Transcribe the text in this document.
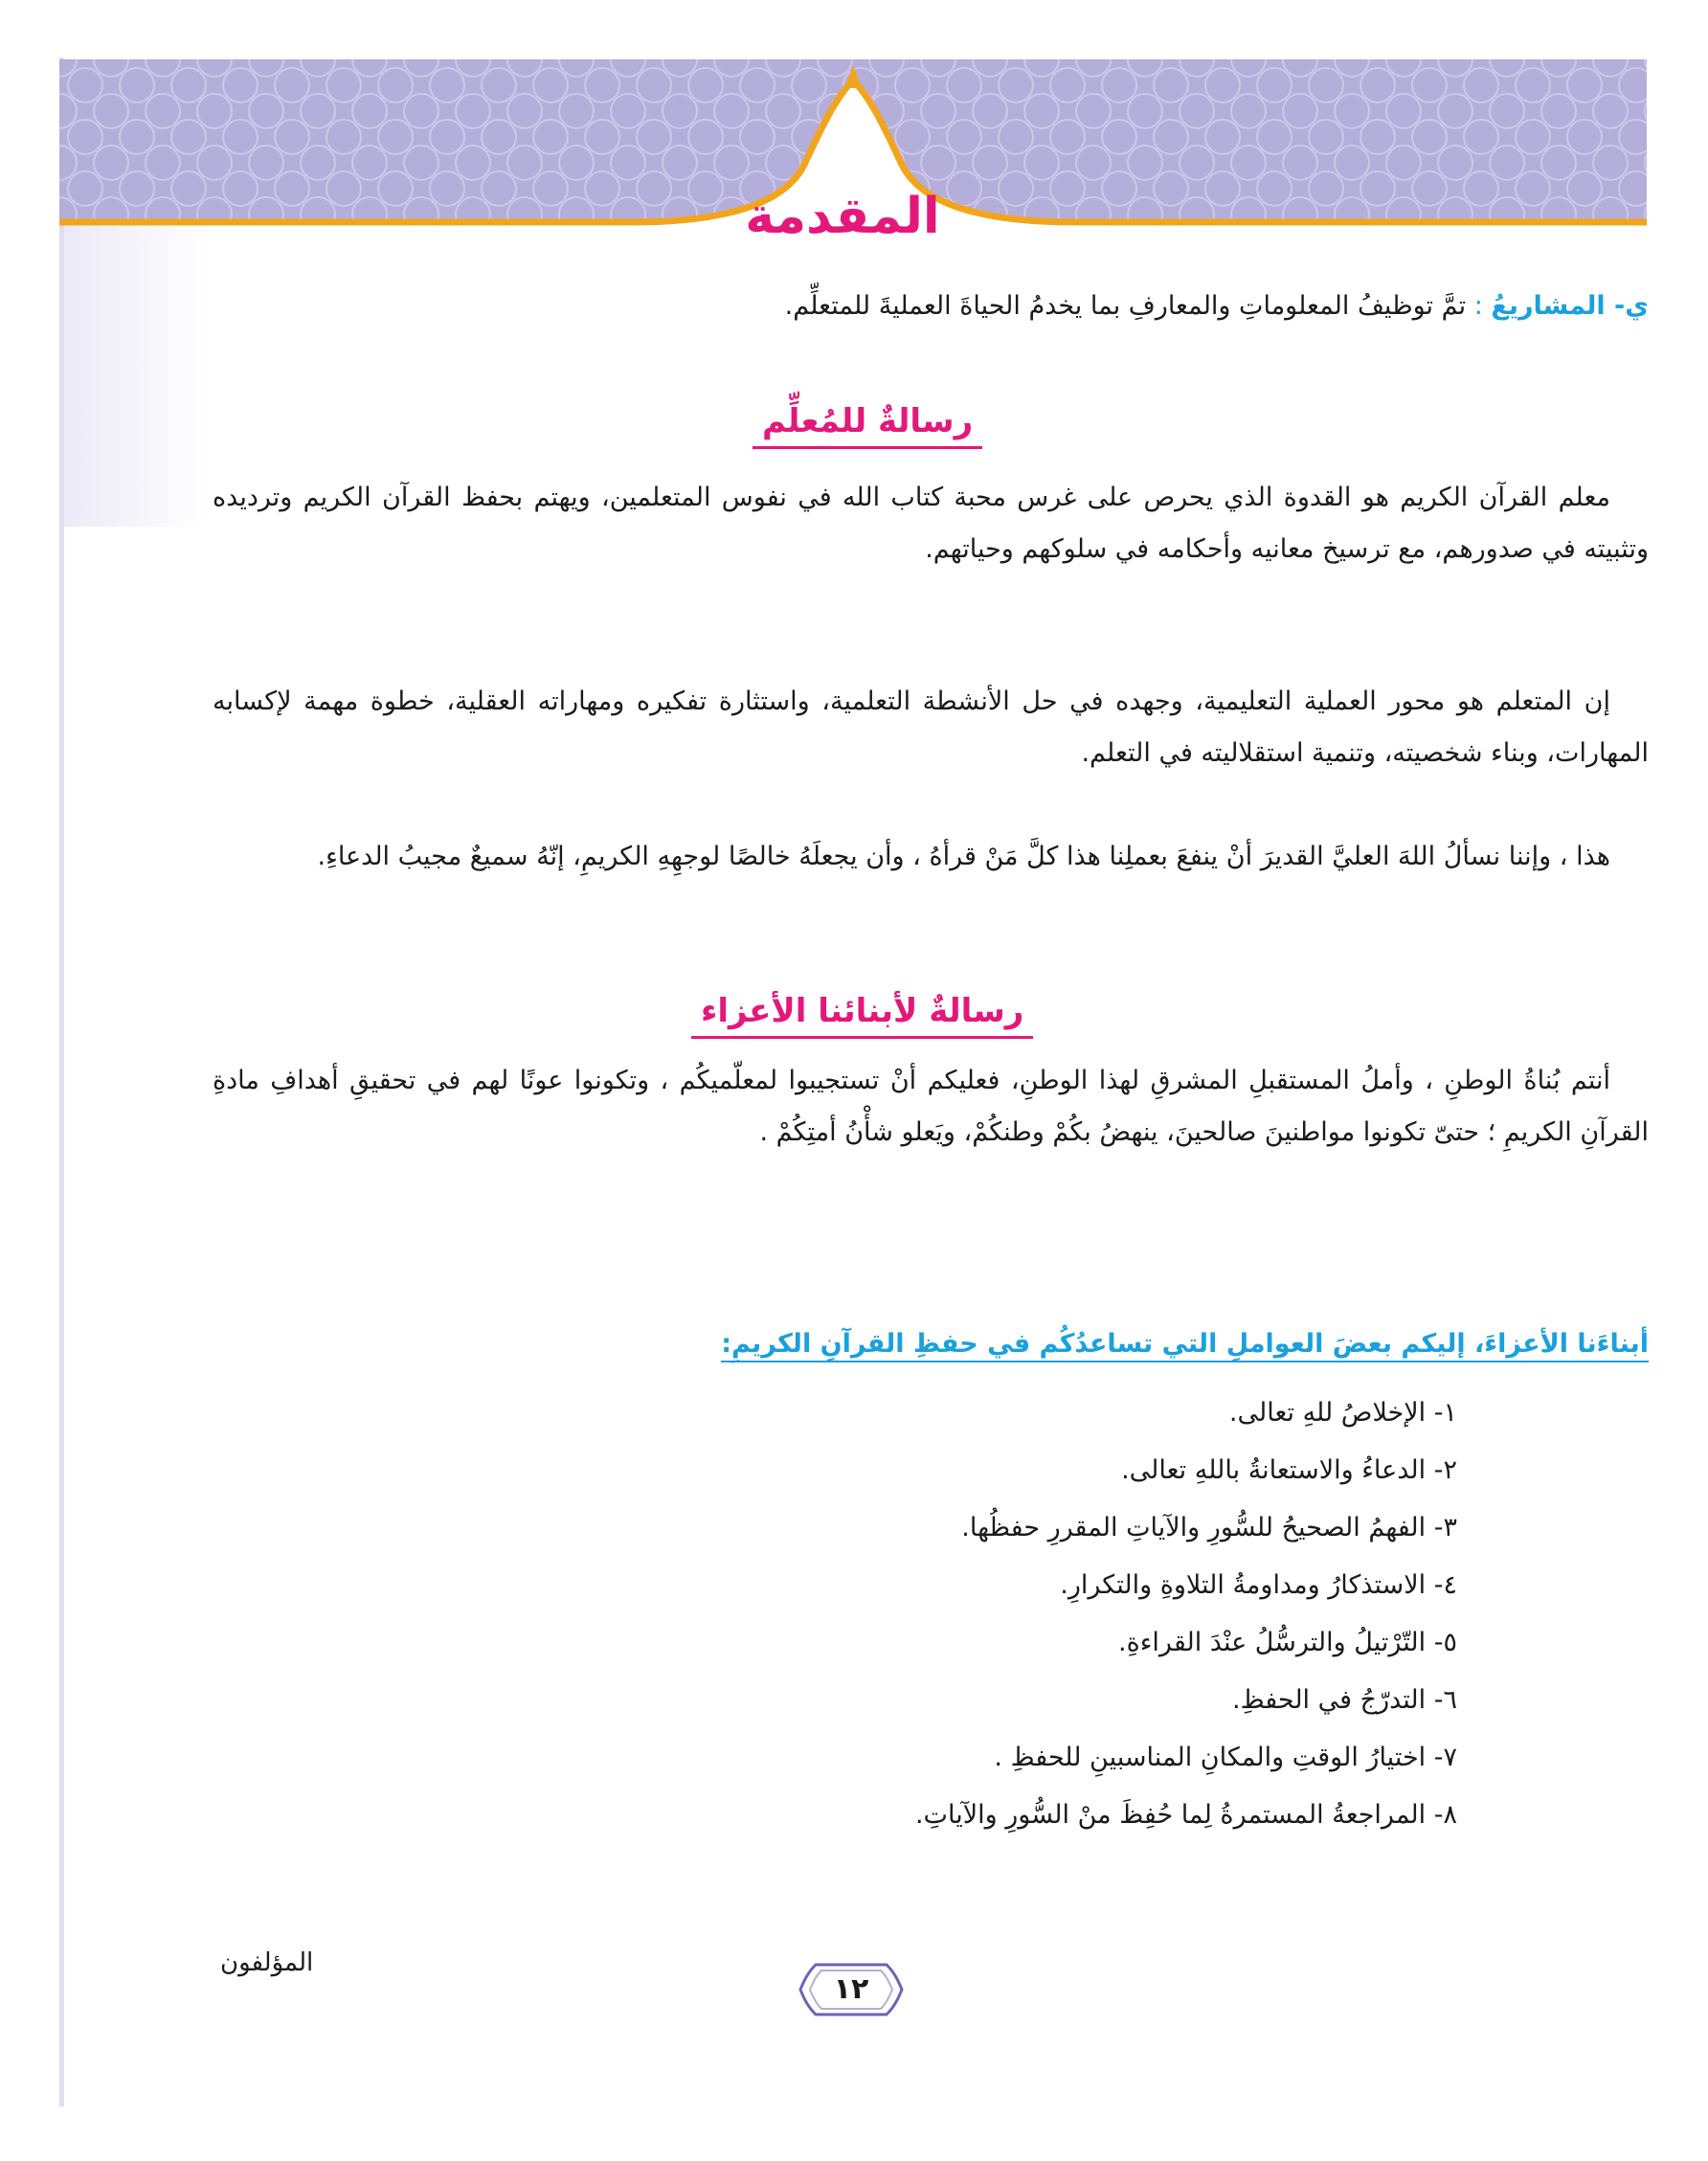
المقدمة
ي- المشاريعُ : تمَّ توظيفُ المعلوماتِ والمعارفِ بما يخدمُ الحياةَ العمليةَ للمتعلِّم.
رسالةٌ للمُعلِّم
معلم القرآن الكريم هو القدوة الذي يحرص على غرس محبة كتاب الله في نفوس المتعلمين، ويهتم بحفظ القرآن الكريم وترديده وتثبيته في صدورهم، مع ترسيخ معانيه وأحكامه في سلوكهم وحياتهم.
إن المتعلم هو محور العملية التعليمية، وجهده في حل الأنشطة التعلمية، واستثارة تفكيره ومهاراته العقلية، خطوة مهمة لإكسابه المهارات، وبناء شخصيته، وتنمية استقلاليته في التعلم.
هذا ، وإننا نسألُ اللهَ العليَّ القديرَ أنْ ينفعَ بعملِنا هذا كلَّ مَنْ قرأهُ ، وأن يجعلَهُ خالصًا لوجهِهِ الكريمِ، إنّهُ سميعٌ مجيبُ الدعاءِ.
رسالةٌ لأبنائنا الأعزاء
أنتم بُناةُ الوطنِ ، وأملُ المستقبلِ المشرقِ لهذا الوطنِ، فعليكم أنْ تستجيبوا لمعلّميكُم ، وتكونوا عونًا لهم في تحقيقِ أهدافِ مادةِ القرآنِ الكريمِ ؛ حتىّ تكونوا مواطنينَ صالحينَ، ينهضُ بكُمْ وطنكُمْ، ويَعلو شأْنُ أمتِكُمْ .
أبناءَنا الأعزاءَ، إليكم بعضَ العواملِ التي تساعدُكُم في حفظِ القرآنِ الكريمِ:
١- الإخلاصُ للهِ تعالى.
٢- الدعاءُ والاستعانةُ باللهِ تعالى.
٣- الفهمُ الصحيحُ للسُّورِ والآياتِ المقررِ حفظُها.
٤- الاستذكارُ ومداومةُ التلاوةِ والتكرارِ.
٥- التّرْتيلُ والترسُّلُ عنْدَ القراءةِ.
٦- التدرّجُ في الحفظِ.
٧- اختيارُ الوقتِ والمكانِ المناسبينِ للحفظِ .
٨- المراجعةُ المستمرةُ لِما حُفِظَ منْ السُّورِ والآياتِ.
المؤلفون
١٢
